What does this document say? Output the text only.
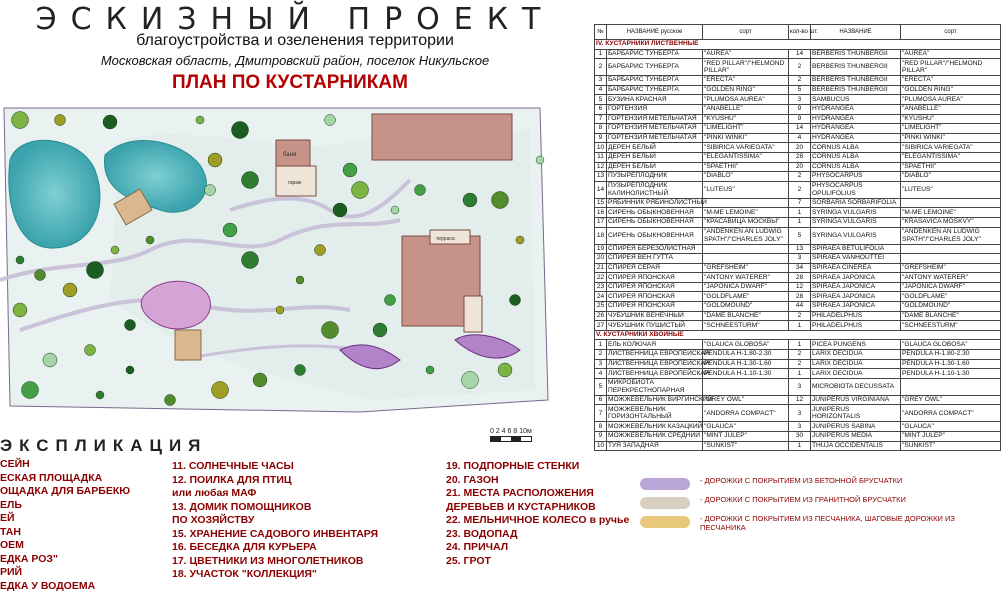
ЭСКИЗНЫЙ ПРОЕКТ
благоустройства и озеленения территории
Московская область, Дмитровский район, поселок Никульское
ПЛАН ПО КУСТАРНИКАМ
баня
гараж
терраса
0 2 4 6 8 10м
ЭКСПЛИКАЦИЯ
СЕЙН
ЕСКАЯ ПЛОЩАДКА
ОЩАДКА ДЛЯ БАРБЕКЮ
ЕЛЬ
ЕЙ
ТАН
ОЕМ
ЕДКА РОЗ"
РИЙ
ЕДКА У ВОДОЕМА
11. СОЛНЕЧНЫЕ ЧАСЫ
12. ПОИЛКА ДЛЯ ПТИЦ
или любая МАФ
13. ДОМИК ПОМОЩНИКОВ
ПО ХОЗЯЙСТВУ
15. ХРАНЕНИЕ САДОВОГО ИНВЕНТАРЯ
16. БЕСЕДКА ДЛЯ КУРЬЕРА
17. ЦВЕТНИКИ ИЗ МНОГОЛЕТНИКОВ
18. УЧАСТОК "КОЛЛЕКЦИЯ"
19. ПОДПОРНЫЕ СТЕНКИ
20. ГАЗОН
21. МЕСТА РАСПОЛОЖЕНИЯ
ДЕРЕВЬЕВ И КУСТАРНИКОВ
22. МЕЛЬНИЧНОЕ КОЛЕСО в ручье
23. ВОДОПАД
24. ПРИЧАЛ
25. ГРОТ
- ДОРОЖКИ С ПОКРЫТИЕМ ИЗ БЕТОННОЙ БРУСЧАТКИ
- ДОРОЖКИ С ПОКРЫТИЕМ ИЗ ГРАНИТНОЙ БРУСЧАТКИ
- ДОРОЖКИ С ПОКРЫТИЕМ ИЗ ПЕСЧАНИКА, ШАГОВЫЕ ДОРОЖКИ ИЗ ПЕСЧАНИКА
№	НАЗВАНИЕ русское	сорт	кол-во шт.	НАЗВАНИЕ	сорт
IV. КУСТАРНИКИ ЛИСТВЕННЫЕ					
1	БАРБАРИС ТУНБЕРГА	"AUREA"	14	BERBERIS THUNBERGII	"AUREA"
2	БАРБАРИС ТУНБЕРГА	"RED PILLAR"/"HELMOND PILLAR"	2	BERBERIS THUNBERGII	"RED PILLAR"/"HELMOND PILLAR"
3	БАРБАРИС ТУНБЕРГА	"ERECTA"	2	BERBERIS THUNBERGII	"ERECTA"
4	БАРБАРИС ТУНБЕРГА	"GOLDEN RING"	5	BERBERIS THUNBERGII	"GOLDEN RING"
5	БУЗИНА КРАСНАЯ	"PLUMOSA AUREA"	3	SAMBUCUS	"PLUMOSA AUREA"
6	ГОРТЕНЗИЯ	"ANABELLE"	9	HYDRANGEA	"ANABELLE"
7	ГОРТЕНЗИЯ МЕТЕЛЬЧАТАЯ	"KYUSHU"	9	HYDRANGEA	"KYUSHU"
8	ГОРТЕНЗИЯ МЕТЕЛЬЧАТАЯ	"LIMELIGHT"	14	HYDRANGEA	"LIMELIGHT"
9	ГОРТЕНЗИЯ МЕТЕЛЬЧАТАЯ	"PINKI WINKI"	4	HYDRANGEA	"PINKI WINKI"
10	ДЕРЕН БЕЛЫЙ	"SIBIRICA VARIEGATA"	20	CORNUS ALBA	"SIBIRICA VARIEGATA"
11	ДЕРЕН БЕЛЫЙ	"ELEGANTISSIMA"	28	CORNUS ALBA	"ELEGANTISSIMA"
12	ДЕРЕН БЕЛЫЙ	"SPAETHII"	20	CORNUS ALBA	"SPAETHII"
13	ПУЗЫРЕПЛОДНИК	"DIABLO"	2	PHYSOCARPUS	"DIABLO"
14	ПУЗЫРЕПЛОДНИК КАЛИНОЛИСТНЫЙ	"LUTEUS"	2	PHYSOCARPUS OPULIFOLIUS	"LUTEUS"
15	РЯБИННИК РЯБИНОЛИСТНЫЙ		7	SORBARIA SORBARIFOLIA	
16	СИРЕНЬ ОБЫКНОВЕННАЯ	"M-ME LEMOINE"	1	SYRINGA VULGARIS	"M-ME LEMOINE"
17	СИРЕНЬ ОБЫКНОВЕННАЯ	"КРАСАВИЦА МОСКВЫ"	1	SYRINGA VULGARIS	"KRASAVICA MOSKVY"
18	СИРЕНЬ ОБЫКНОВЕННАЯ	"ANDENKEN AN LUDWIG SPATH"/"CHARLES JOLY"	5	SYRINGA VULGARIS	"ANDENKEN AN LUDWIG SPATH"/"CHARLES JOLY"
19	СПИРЕЯ БЕРЕЗОЛИСТНАЯ		13	SPIRAEA BETULIFOLIA	
20	СПИРЕЯ ВЕН ГУТТА		3	SPIRAEA VANHOUTTEI	
21	СПИРЕЯ СЕРАЯ	"GREFSHEIM"	34	SPIRAEA CINEREA	"GREFSHEIM"
22	СПИРЕЯ ЯПОНСКАЯ	"ANTONY WATERER"	28	SPIRAEA JAPONICA	"ANTONY WATERER"
23	СПИРЕЯ ЯПОНСКАЯ	"JAPONICA DWARF"	12	SPIRAEA JAPONICA	"JAPONICA DWARF"
24	СПИРЕЯ ЯПОНСКАЯ	"GOLDFLAME"	28	SPIRAEA JAPONICA	"GOLDFLAME"
25	СПИРЕЯ ЯПОНСКАЯ	"GOLDMOUND"	44	SPIRAEA JAPONICA	"GOLDMOUND"
26	ЧУБУШНИК ВЕНЕЧНЫЙ	"DAME BLANCHE"	2	PHILADELPHUS	"DAME BLANCHE"
27	ЧУБУШНИК ПУШИСТЫЙ	"SCHNEESTURM"	1	PHILADELPHUS	"SCHNEESTURM"
V. КУСТАРНИКИ ХВОЙНЫЕ					
1	ЕЛЬ КОЛЮЧАЯ	"GLAUCA GLOBOSA"	1	PICEA PUNGENS	"GLAUCA GLOBOSA"
2	ЛИСТВЕННИЦА ЕВРОПЕЙСКАЯ	PENDULA H-1.80-2.30	2	LARIX DECIDUA	PENDULA H-1.80-2.30
3	ЛИСТВЕННИЦА ЕВРОПЕЙСКАЯ	PENDULA H-1.30-1.60	2	LARIX DECIDUA	PENDULA H-1.30-1.60
4	ЛИСТВЕННИЦА ЕВРОПЕЙСКАЯ	PENDULA H-1.10-1.30	1	LARIX DECIDUA	PENDULA H-1.10-1.30
5	МИКРОБИОТА ПЕРЕКРЕСТНОПАРНАЯ		3	MICROBIOTA DECUSSATA	
6	МОЖЖЕВЕЛЬНИК ВИРГИНСКИЙ	"GREY OWL"	12	JUNIPERUS VIRGINIANA	"GREY OWL"
7	МОЖЖЕВЕЛЬНИК ГОРИЗОНТАЛЬНЫЙ	"ANDORRA COMPACT"	3	JUNIPERUS HORIZONTALIS	"ANDORRA COMPACT"
8	МОЖЖЕВЕЛЬНИК КАЗАЦКИЙ	"GLAUCA"	3	JUNIPERUS SABINA	"GLAUCA"
9	МОЖЖЕВЕЛЬНИК СРЕДНИЙ	"MINT JULEP"	30	JUNIPERUS MEDIA	"MINT JULEP"
10	ТУЯ ЗАПАДНАЯ	"SUNKIST"	1	THUJA OCCIDENTALIS	"SUNKIST"
